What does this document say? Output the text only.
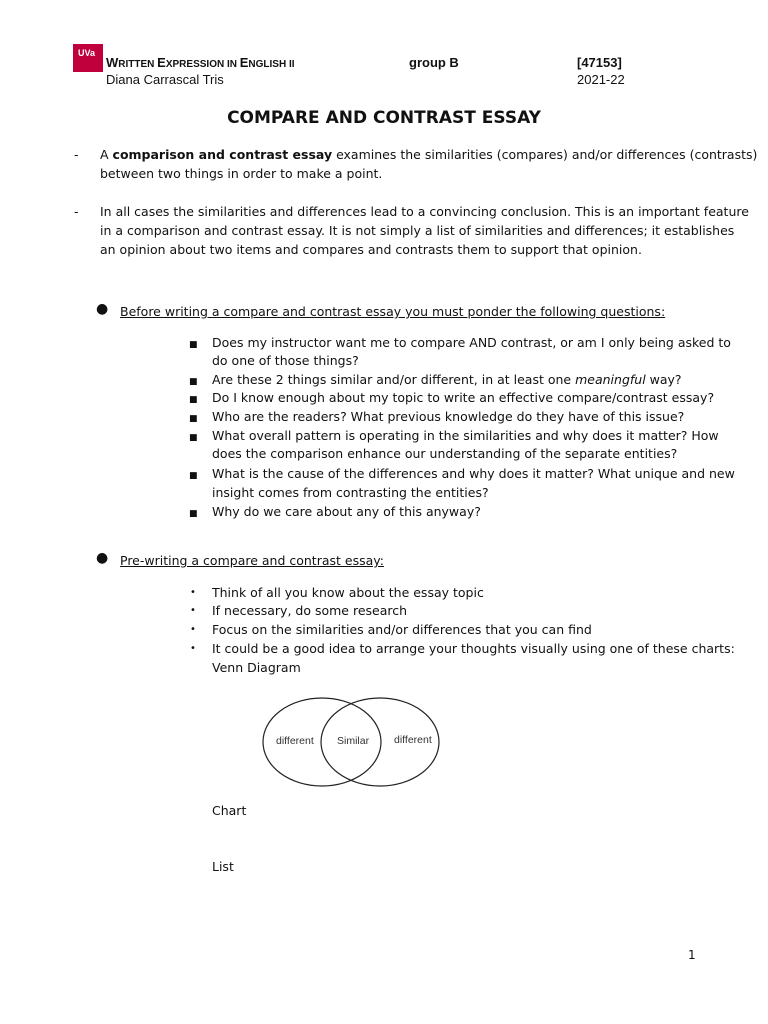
UVa
WRITTEN EXPRESSION IN ENGLISH II	group B	[47153]
Diana Carrascal Tris	2021-22
COMPARE AND CONTRAST ESSAY
- A comparison and contrast essay examines the similarities (compares) and/or differences (contrasts)
between two things in order to make a point.
- In all cases the similarities and differences lead to a convincing conclusion. This is an important feature
in a comparison and contrast essay. It is not simply a list of similarities and differences; it establishes
an opinion about two items and compares and contrasts them to support that opinion.
● Before writing a compare and contrast essay you must ponder the following questions:
■ Does my instructor want me to compare AND contrast, or am I only being asked to
do one of those things?
■ Are these 2 things similar and/or different, in at least one meaningful way?
■ Do I know enough about my topic to write an effective compare/contrast essay?
■ Who are the readers? What previous knowledge do they have of this issue?
■ What overall pattern is operating in the similarities and why does it matter? How
does the comparison enhance our understanding of the separate entities?
■ What is the cause of the differences and why does it matter? What unique and new
insight comes from contrasting the entities?
■ Why do we care about any of this anyway?
● Pre-writing a compare and contrast essay:
• Think of all you know about the essay topic
• If necessary, do some research
• Focus on the similarities and/or differences that you can find
• It could be a good idea to arrange your thoughts visually using one of these charts:
Venn Diagram
Chart
List
different Similar different
1
